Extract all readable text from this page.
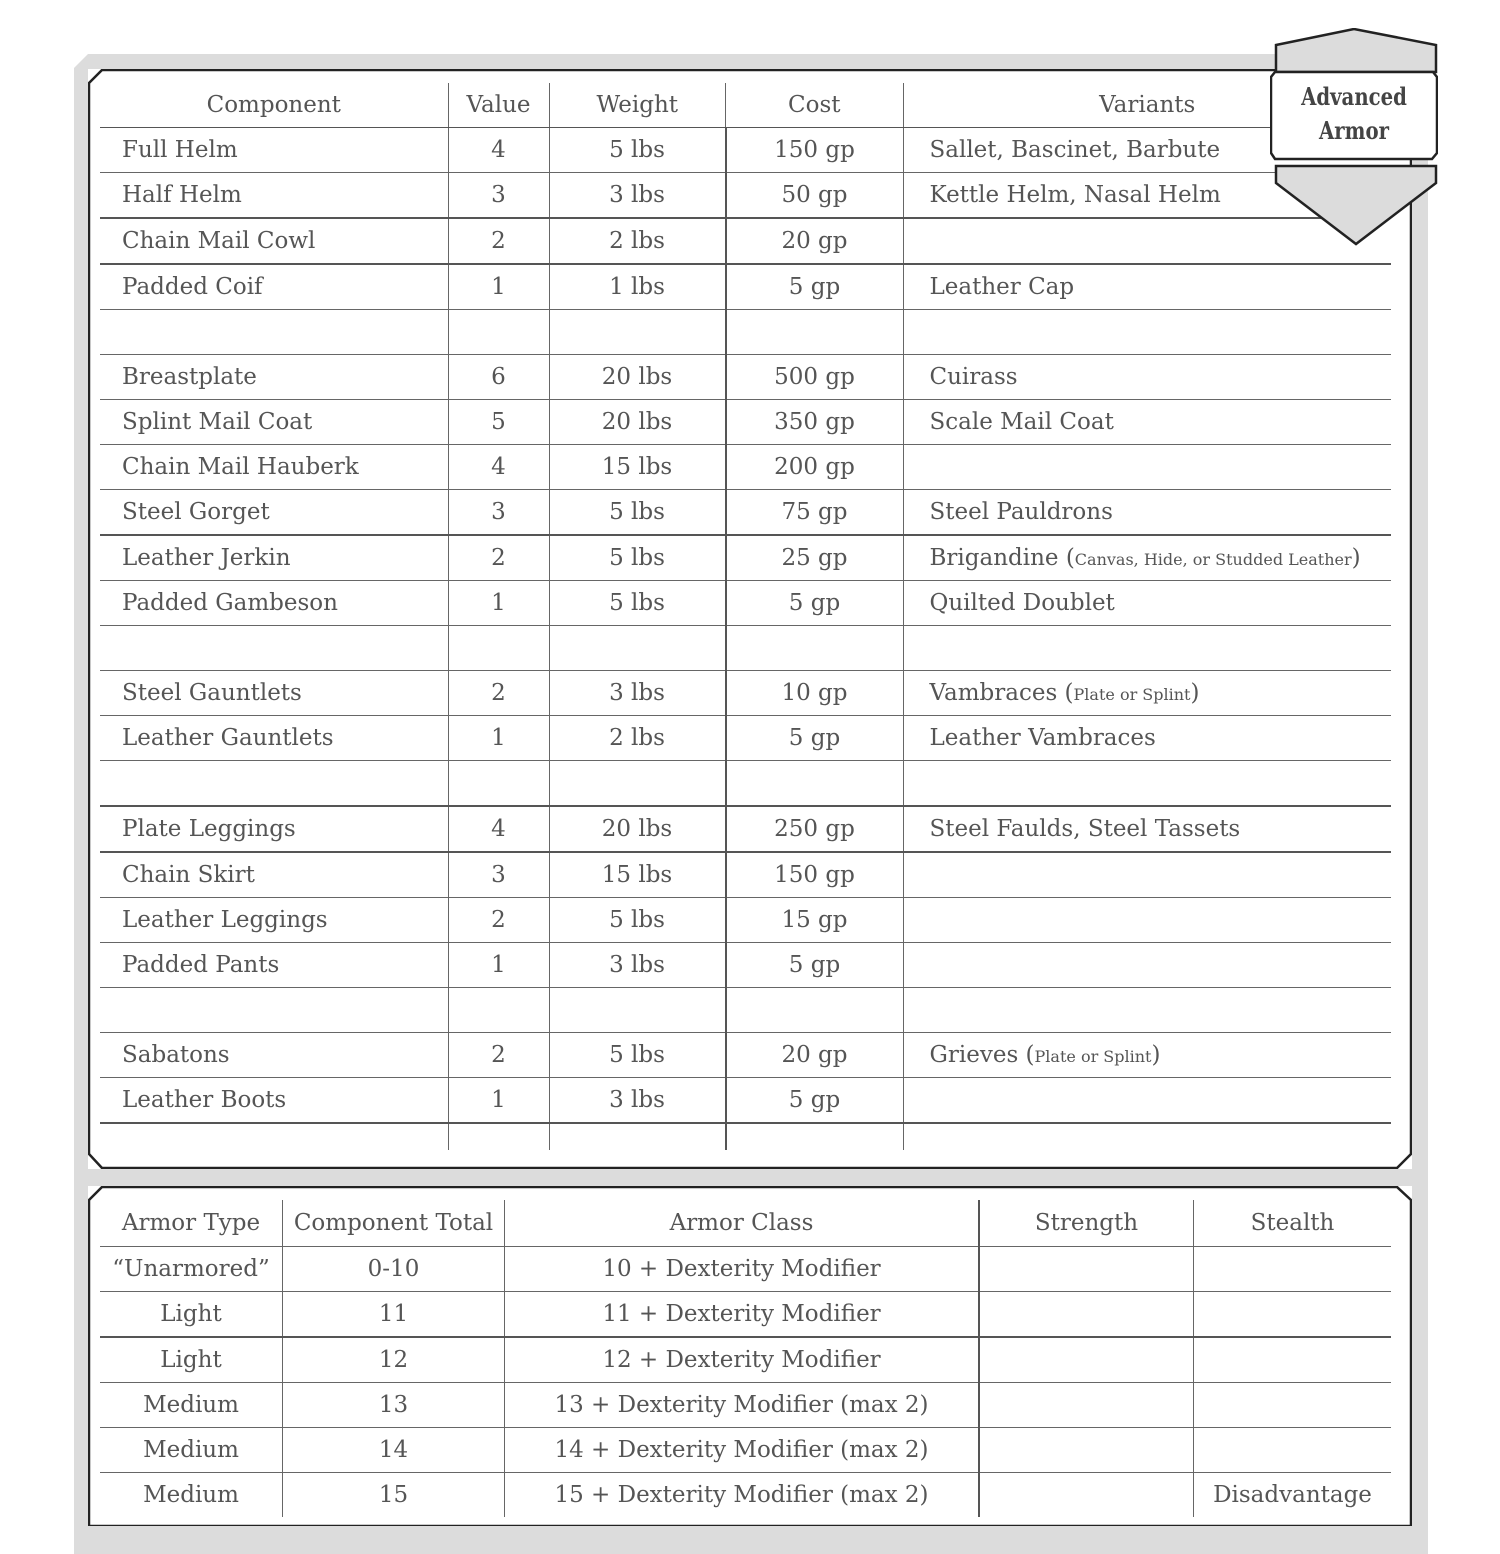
Component	Value	Weight	Cost	Variants
Full Helm	4	5 lbs	150 gp	Sallet, Bascinet, Barbute
Half Helm	3	3 lbs	50 gp	Kettle Helm, Nasal Helm
Chain Mail Cowl	2	2 lbs	20 gp	
Padded Coif	1	1 lbs	5 gp	Leather Cap

Breastplate	6	20 lbs	500 gp	Cuirass
Splint Mail Coat	5	20 lbs	350 gp	Scale Mail Coat
Chain Mail Hauberk	4	15 lbs	200 gp	
Steel Gorget	3	5 lbs	75 gp	Steel Pauldrons
Leather Jerkin	2	5 lbs	25 gp	Brigandine (Canvas, Hide, or Studded Leather)
Padded Gambeson	1	5 lbs	5 gp	Quilted Doublet

Steel Gauntlets	2	3 lbs	10 gp	Vambraces (Plate or Splint)
Leather Gauntlets	1	2 lbs	5 gp	Leather Vambraces

Plate Leggings	4	20 lbs	250 gp	Steel Faulds, Steel Tassets
Chain Skirt	3	15 lbs	150 gp	
Leather Leggings	2	5 lbs	15 gp	
Padded Pants	1	3 lbs	5 gp	

Sabatons	2	5 lbs	20 gp	Grieves (Plate or Splint)
Leather Boots	1	3 lbs	5 gp	

Armor Type	Component Total	Armor Class	Strength	Stealth
“Unarmored”	0-10	10 + Dexterity Modifier		
Light	11	11 + Dexterity Modifier		
Light	12	12 + Dexterity Modifier		
Medium	13	13 + Dexterity Modifier (max 2)		
Medium	14	14 + Dexterity Modifier (max 2)		
Medium	15	15 + Dexterity Modifier (max 2)		Disadvantage
Advanced
Armor
